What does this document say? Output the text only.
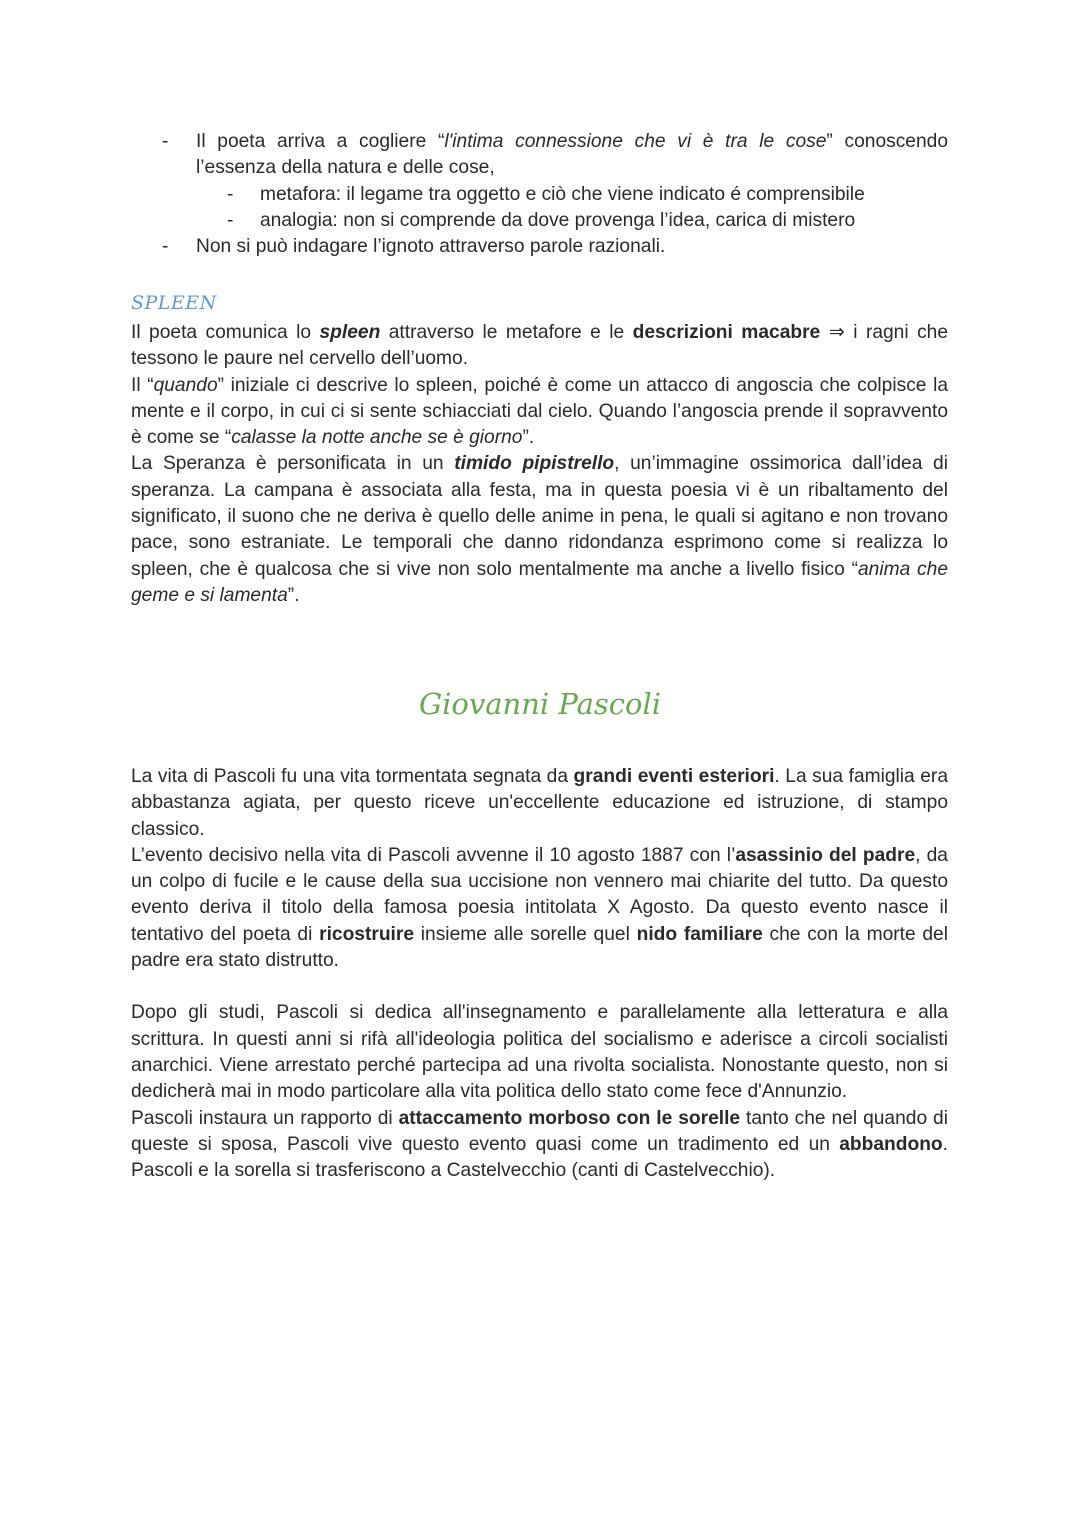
- Il poeta arriva a cogliere “l'intima connessione che vi è tra le cose” conoscendo l’essenza della natura e delle cose,
- metafora: il legame tra oggetto e ciò che viene indicato é comprensibile
- analogia: non si comprende da dove provenga l’idea, carica di mistero
- Non si può indagare l’ignoto attraverso parole razionali.
SPLEEN

Il poeta comunica lo spleen attraverso le metafore e le descrizioni macabre ⇒ i ragni che tessono le paure nel cervello dell’uomo.

Il “quando” iniziale ci descrive lo spleen, poiché è come un attacco di angoscia che colpisce la mente e il corpo, in cui ci si sente schiacciati dal cielo. Quando l’angoscia prende il sopravvento è come se “calasse la notte anche se è giorno”.

La Speranza è personificata in un timido pipistrello, un’immagine ossimorica dall’idea di speranza. La campana è associata alla festa, ma in questa poesia vi è un ribaltamento del significato, il suono che ne deriva è quello delle anime in pena, le quali si agitano e non trovano pace, sono estraniate. Le temporali che danno ridondanza esprimono come si realizza lo spleen, che è qualcosa che si vive non solo mentalmente ma anche a livello fisico “anima che geme e si lamenta”.

Giovanni Pascoli

La vita di Pascoli fu una vita tormentata segnata da grandi eventi esteriori. La sua famiglia era abbastanza agiata, per questo riceve un'eccellente educazione ed istruzione, di stampo classico.

L’evento decisivo nella vita di Pascoli avvenne il 10 agosto 1887 con l’asassinio del padre, da un colpo di fucile e le cause della sua uccisione non vennero mai chiarite del tutto. Da questo evento deriva il titolo della famosa poesia intitolata X Agosto. Da questo evento nasce il tentativo del poeta di ricostruire insieme alle sorelle quel nido familiare che con la morte del padre era stato distrutto.

Dopo gli studi, Pascoli si dedica all'insegnamento e parallelamente alla letteratura e alla scrittura. In questi anni si rifà all'ideologia politica del socialismo e aderisce a circoli socialisti anarchici. Viene arrestato perché partecipa ad una rivolta socialista. Nonostante questo, non si dedicherà mai in modo particolare alla vita politica dello stato come fece d'Annunzio.

Pascoli instaura un rapporto di attaccamento morboso con le sorelle tanto che nel quando di queste si sposa, Pascoli vive questo evento quasi come un tradimento ed un abbandono. Pascoli e la sorella si trasferiscono a Castelvecchio (canti di Castelvecchio).
